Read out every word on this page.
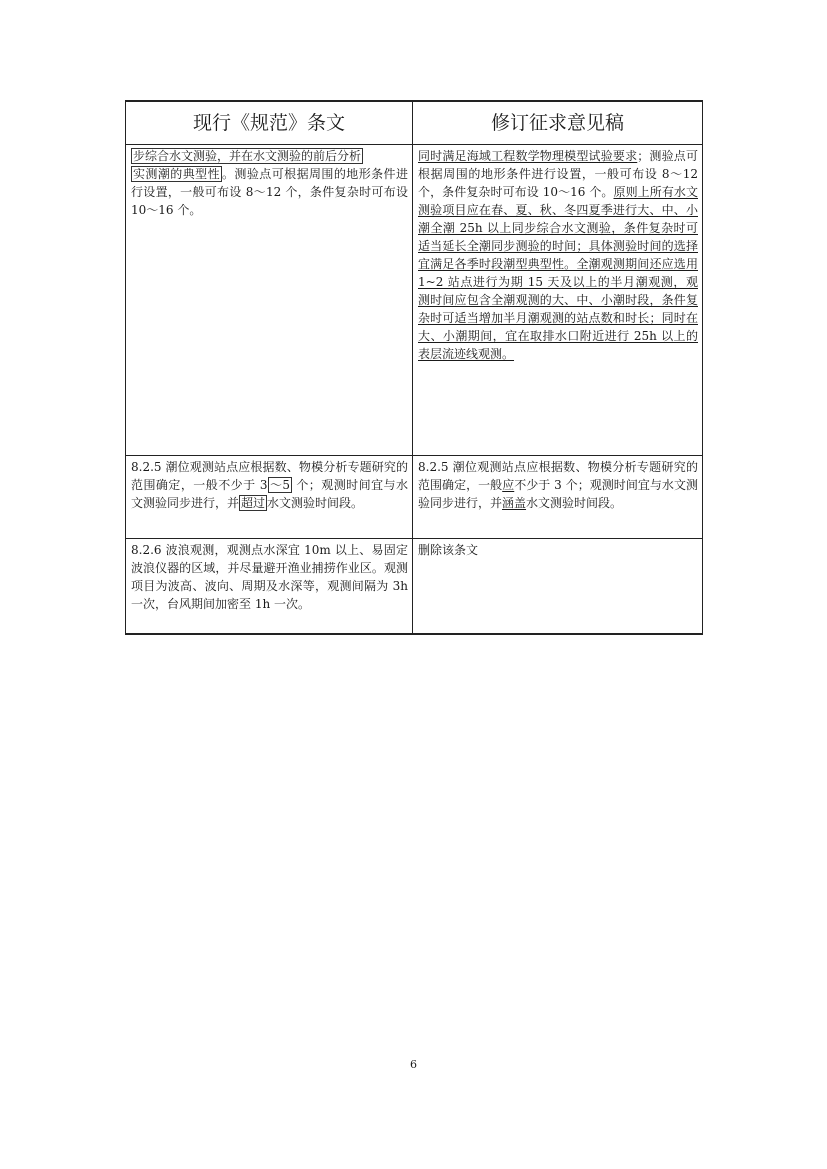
现行《规范》条文	修订征求意见稿
步综合水文测验，并在水文测验的前后分析
实测潮的典型性 。测验点可根据周围的地形条件进行设置，一般可布设 8～12 个，条件复杂时可布设 10～16 个。	同时满足海域工程数学物理模型试验要求；测验点可根据周围的地形条件进行设置，一般可布设 8～12 个，条件复杂时可布设 10～16 个。原则上所有水文测验项目应在春、夏、秋、冬四夏季进行大、中、小潮全潮 25h 以上同步综合水文测验，条件复杂时可适当延长全潮同步测验的时间；具体测验时间的选择宜满足各季时段潮型典型性。全潮观测期间还应选用 1~2 站点进行为期 15 天及以上的半月潮观测，观测时间应包含全潮观测的大、中、小潮时段，条件复杂时可适当增加半月潮观测的站点数和时长；同时在大、小潮期间，宜在取排水口附近进行 25h 以上的表层流迹线观测。
8.2.5 潮位观测站点应根据数、物模分析专题研究的范围确定，一般不少于 3 ～5 个；观测时间宜与水文测验同步进行，并 超过 水文测验时间段。	8.2.5 潮位观测站点应根据数、物模分析专题研究的范围确定，一般应不少于 3 个；观测时间宜与水文测验同步进行，并涵盖水文测验时间段。
8.2.6 波浪观测，观测点水深宜 10m 以上、易固定波浪仪器的区域，并尽量避开渔业捕捞作业区。观测项目为波高、波向、周期及水深等，观测间隔为 3h 一次，台风期间加密至 1h 一次。	删除该条文
6
